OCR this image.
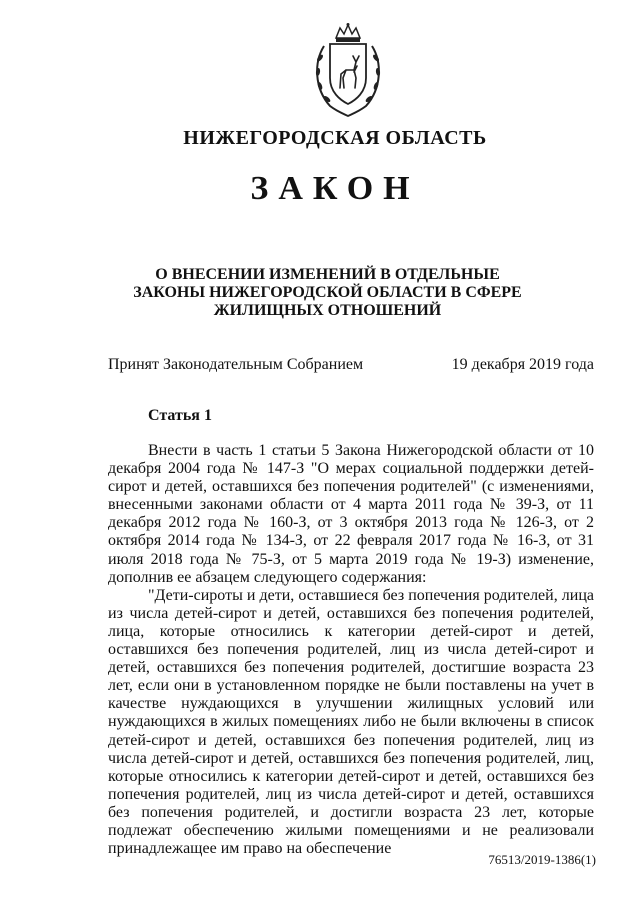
НИЖЕГОРОДСКАЯ ОБЛАСТЬ
ЗАКОН
О ВНЕСЕНИИ ИЗМЕНЕНИЙ В ОТДЕЛЬНЫЕ ЗАКОНЫ НИЖЕГОРОДСКОЙ ОБЛАСТИ В СФЕРЕ ЖИЛИЩНЫХ ОТНОШЕНИЙ
Принят Законодательным Собранием	19 декабря 2019 года
Статья 1

Внести в часть 1 статьи 5 Закона Нижегородской области от 10 декабря 2004 года № 147-З "О мерах социальной поддержки детей-сирот и детей, оставшихся без попечения родителей" (с изменениями, внесенными законами области от 4 марта 2011 года № 39-З, от 11 декабря 2012 года № 160-З, от 3 октября 2013 года № 126-З, от 2 октября 2014 года № 134-З, от 22 февраля 2017 года № 16-З, от 31 июля 2018 года № 75-З, от 5 марта 2019 года № 19-З) изменение, дополнив ее абзацем следующего содержания:

"Дети-сироты и дети, оставшиеся без попечения родителей, лица из числа детей-сирот и детей, оставшихся без попечения родителей, лица, которые относились к категории детей-сирот и детей, оставшихся без попечения родителей, лиц из числа детей-сирот и детей, оставшихся без попечения родителей, достигшие возраста 23 лет, если они в установленном порядке не были поставлены на учет в качестве нуждающихся в улучшении жилищных условий или нуждающихся в жилых помещениях либо не были включены в список детей-сирот и детей, оставшихся без попечения родителей, лиц из числа детей-сирот и детей, оставшихся без попечения родителей, лиц, которые относились к категории детей-сирот и детей, оставшихся без попечения родителей, лиц из числа детей-сирот и детей, оставшихся без попечения родителей, и достигли возраста 23 лет, которые подлежат обеспечению жилыми помещениями и не реализовали принадлежащее им право на обеспечение

76513/2019-1386(1)
